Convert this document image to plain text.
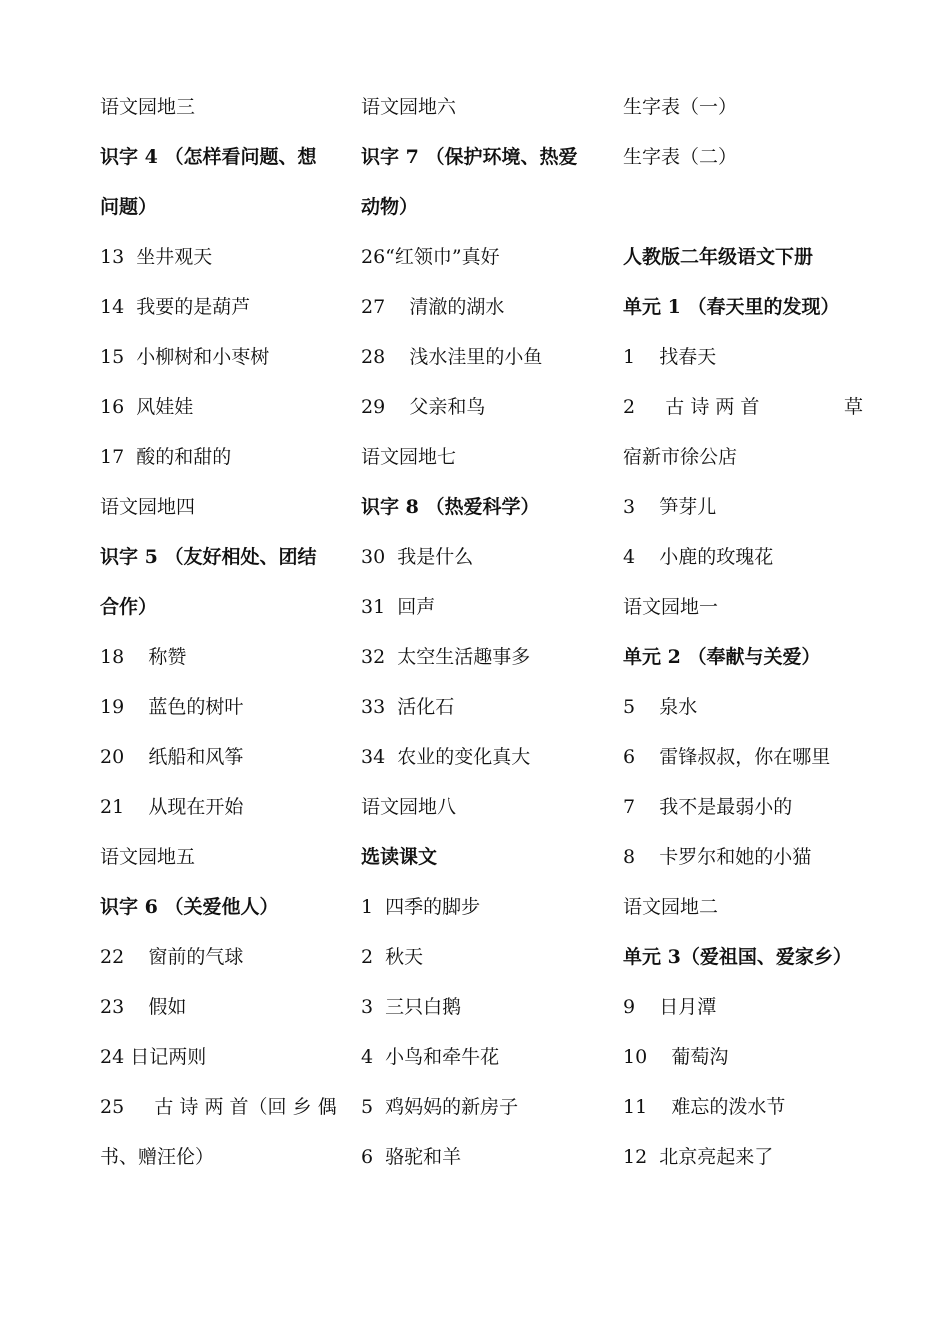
语文园地三
识字 4 （怎样看问题、想
问题）
13  坐井观天
14  我要的是葫芦
15  小柳树和小枣树
16  风娃娃
17  酸的和甜的
语文园地四
识字 5 （友好相处、团结
合作）
18    称赞
19    蓝色的树叶
20    纸船和风筝
21    从现在开始
语文园地五
识字 6 （关爱他人）
22    窗前的气球
23    假如
24 日记两则
25     古 诗 两 首（回 乡 偶
书、赠汪伦）
语文园地六
识字 7 （保护环境、热爱
动物）
26“红领巾”真好
27    清澈的湖水
28    浅水洼里的小鱼
29    父亲和鸟
语文园地七
识字 8 （热爱科学）
30  我是什么
31  回声
32  太空生活趣事多
33  活化石
34  农业的变化真大
语文园地八
选读课文
1  四季的脚步
2  秋天
3  三只白鹅
4  小鸟和牵牛花
5  鸡妈妈的新房子
6  骆驼和羊
生字表（一）
生字表（二）
人教版二年级语文下册
单元 1 （春天里的发现）
1    找春天
2     古 诗 两 首              草
宿新市徐公店
3    笋芽儿
4    小鹿的玫瑰花
语文园地一
单元 2 （奉献与关爱）
5    泉水
6    雷锋叔叔，你在哪里
7    我不是最弱小的
8    卡罗尔和她的小猫
语文园地二
单元 3（爱祖国、爱家乡）
9    日月潭
10    葡萄沟
11    难忘的泼水节
12  北京亮起来了
